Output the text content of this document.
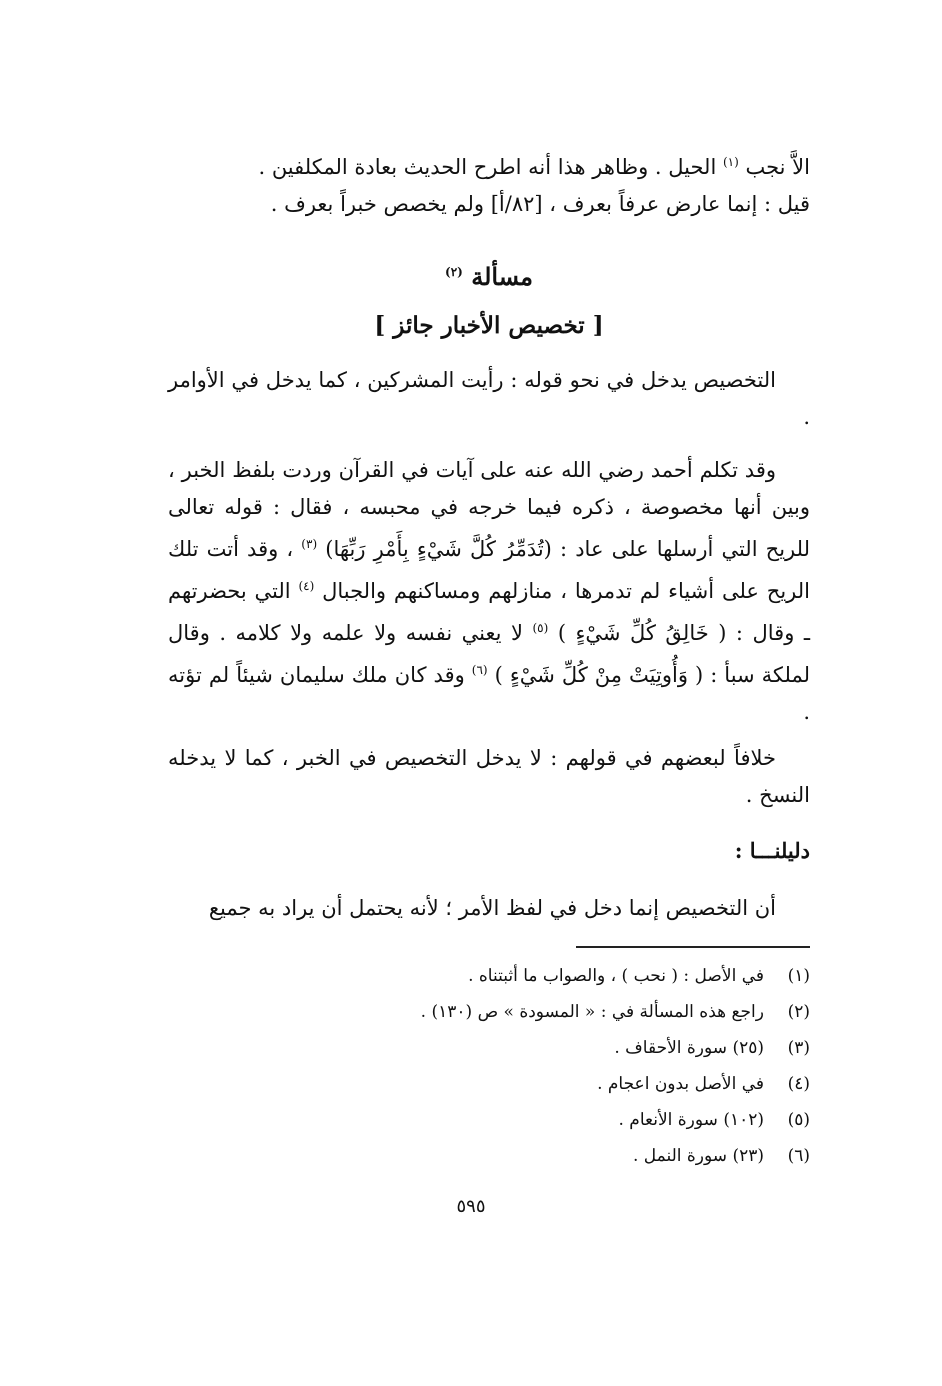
الاَّ نجب $^{(١)}$ الحيل . وظاهر هذا أنه اطرح الحديث بعادة المكلفين .

قيل : إنما عارض عرفاً بعرف ، [٨٢/أ] ولم يخصص خبراً بعرف .

مسألة $^{(٢)}$
[ تخصيص الأخبار جائز ]

التخصيص يدخل في نحو قوله : رأيت المشركين ، كما يدخل في الأوامر .

وقد تكلم أحمد رضي الله عنه على آيات في القرآن وردت بلفظ الخبر ، وبين أنها مخصوصة ، ذكره فيما خرجه في محبسه ، فقال : قوله تعالى للريح التي أرسلها على عاد : (تُدَمِّرُ كُلَّ شَيْءٍ بِأَمْرِ رَبِّهَا) $^{(٣)}$ ، وقد أتت تلك الريح على أشياء لم تدمرها ، منازلهم ومساكنهم والجبال $^{(٤)}$ التي بحضرتهم ـ وقال : ( خَالِقُ كُلِّ شَيْءٍ ) $^{(٥)}$ لا يعني نفسه ولا علمه ولا كلامه . وقال لملكة سبأ : ( وَأُوتِيَتْ مِنْ كُلِّ شَيْءٍ ) $^{(٦)}$ وقد كان ملك سليمان شيئاً لم تؤته .

خلافاً لبعضهم في قولهم : لا يدخل التخصيص في الخبر ، كما لا يدخله النسخ .

دليلنـــا :

أن التخصيص إنما دخل في لفظ الأمر ؛ لأنه يحتمل أن يراد به جميع

(١)في الأصل : ( نحب ) ، والصواب ما أثبتناه .
(٢)راجع هذه المسألة في : « المسودة » ص (١٣٠) .
(٣)(٢٥) سورة الأحقاف .
(٤)في الأصل بدون اعجام .
(٥)(١٠٢) سورة الأنعام .
(٦)(٢٣) سورة النمل .
٥٩٥
